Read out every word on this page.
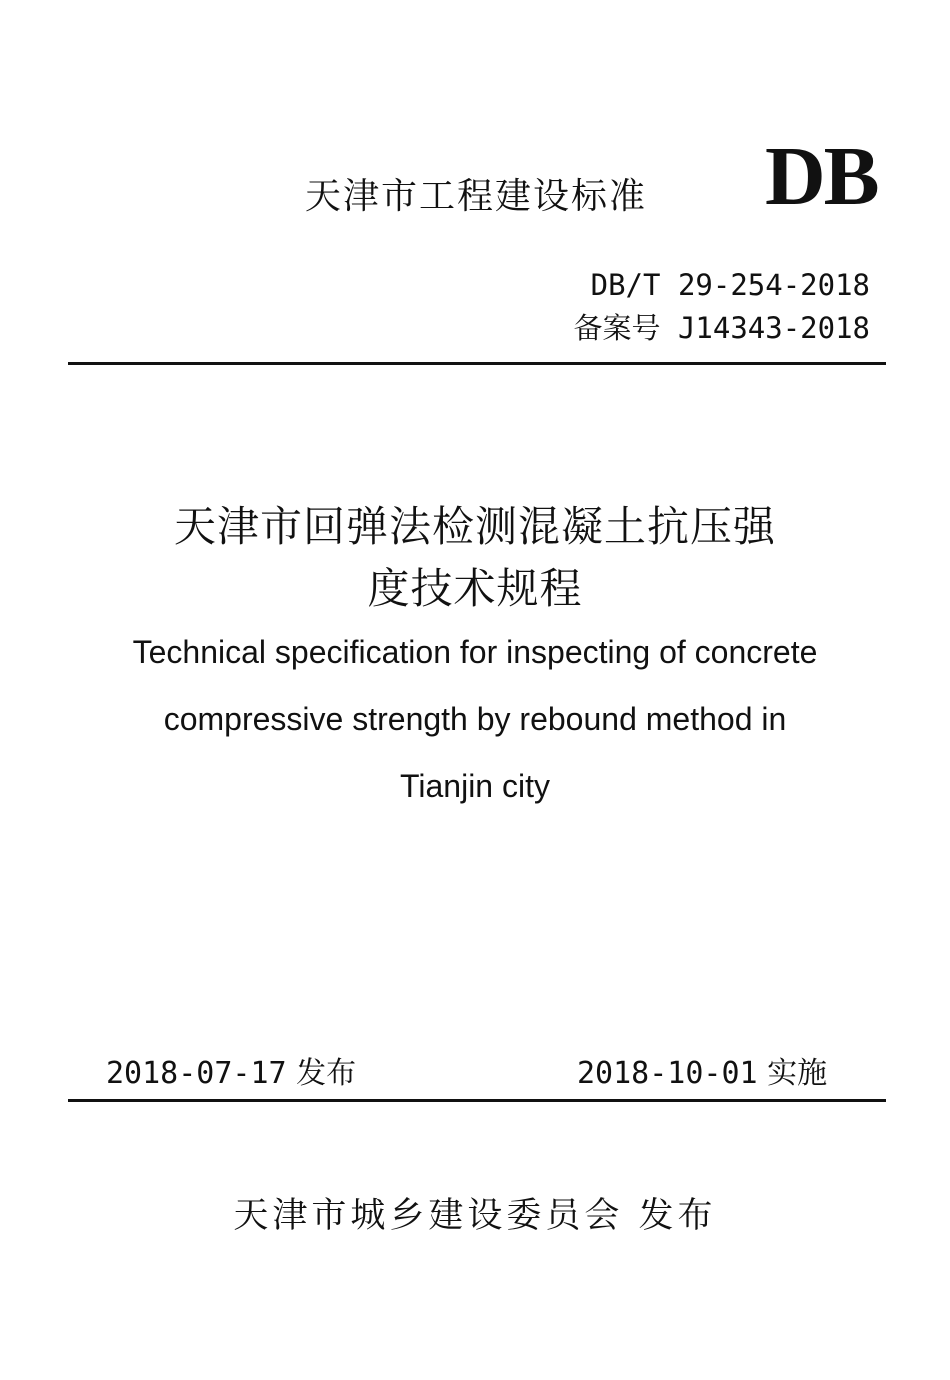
天津市工程建设标准 DB
DB/T 29-254-2018
备案号 J14343-2018
天津市回弹法检测混凝土抗压强
度技术规程
Technical specification for inspecting of concrete
compressive strength by rebound method in
Tianjin city
2018-07-17 发布	2018-10-01 实施
天津市城乡建设委员会 发布
